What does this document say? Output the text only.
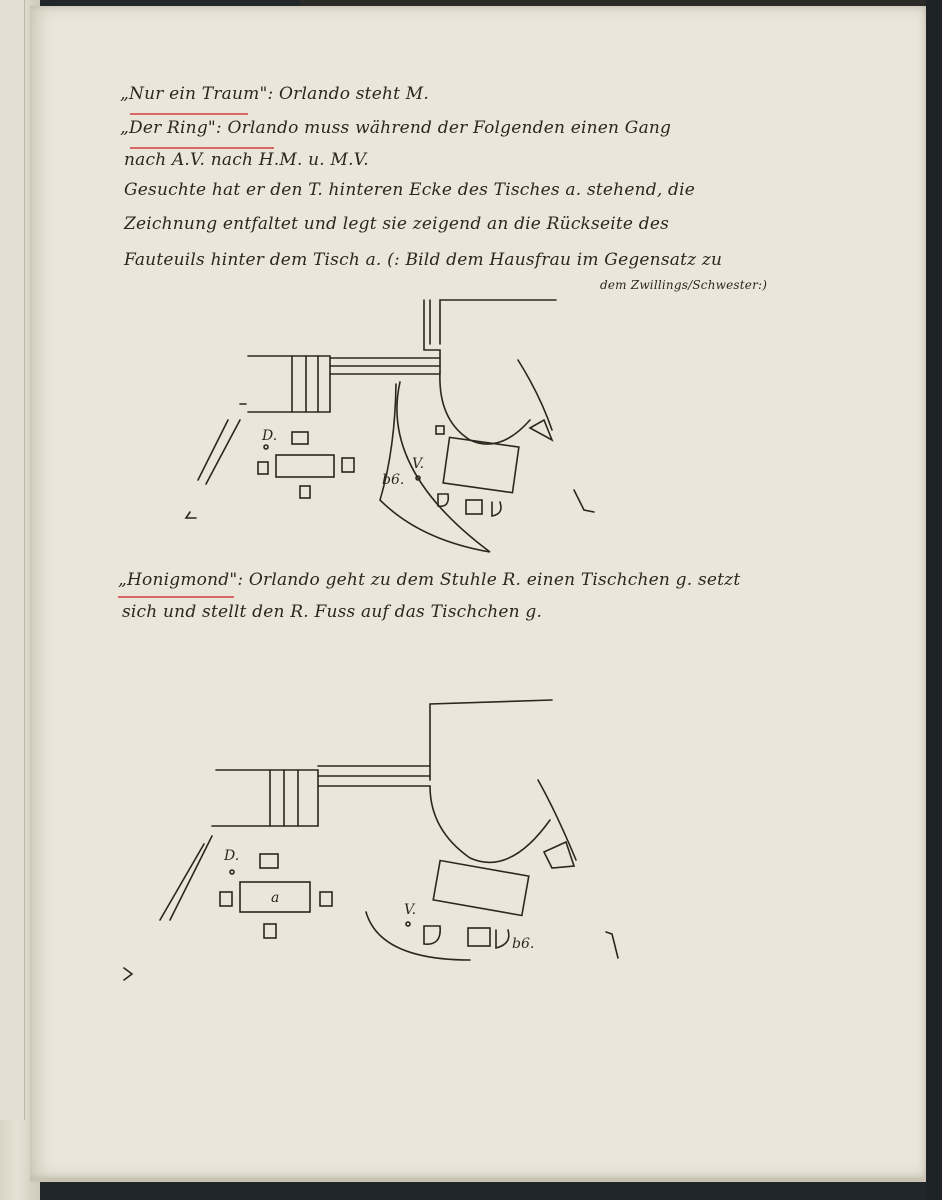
„Nur ein Traum": Orlando steht M.

„Der Ring": Orlando muss während der Folgenden einen Gang

nach A.V. nach H.M. u. M.V.

Gesuchte hat er den T. hinteren Ecke des Tisches a. stehend, die

Zeichnung entfaltet und legt sie zeigend an die Rückseite des

Fauteuils hinter dem Tisch a. (: Bild dem Hausfrau im Gegensatz zu

dem Zwillings/Schwester:)

„Honigmond": Orlando geht zu dem Stuhle R. einen Tischchen g. setzt

sich und stellt den R. Fuss auf das Tischchen g.

D.
V.
b6.
a
D.
V.
b6.
